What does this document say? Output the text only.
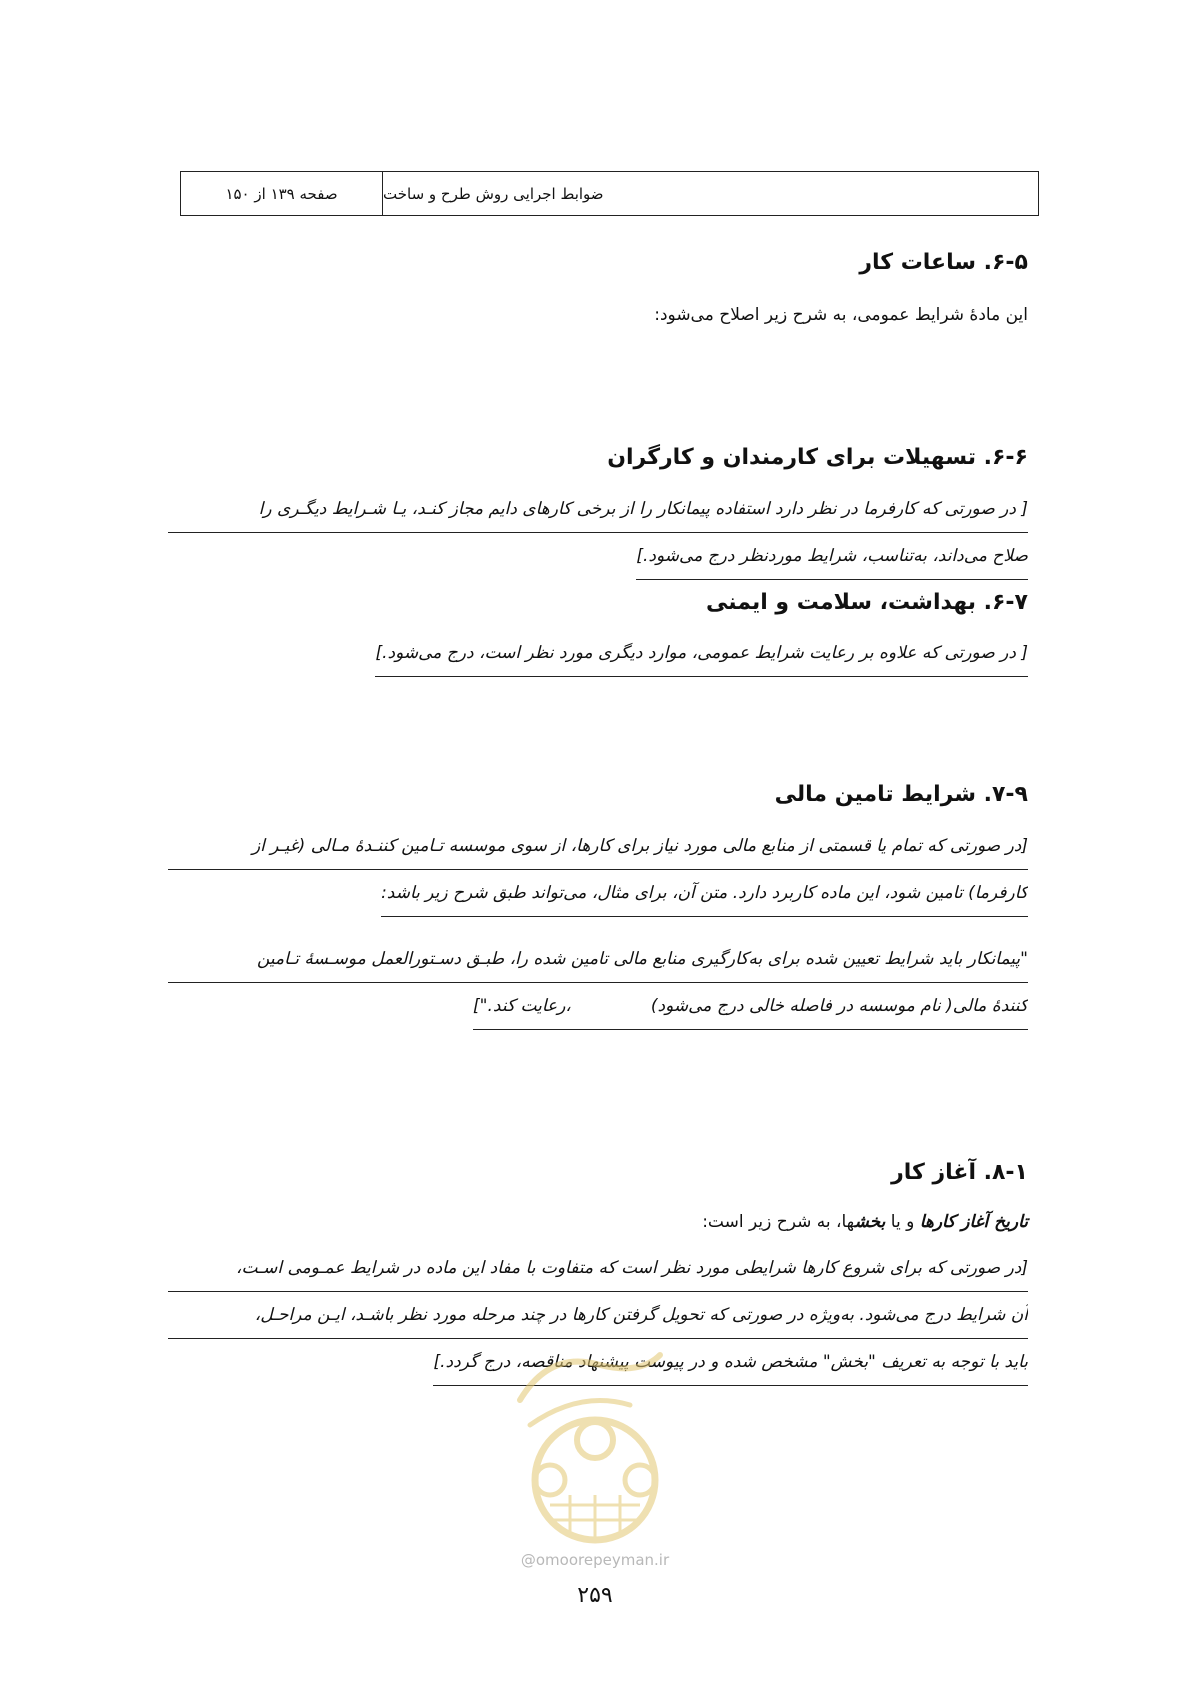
صفحه ۱۳۹ از ۱۵۰	ضوابط اجرایی روش طرح و ساخت
۶-۵. ساعات کار
این مادهٔ شرایط عمومی، به شرح زیر اصلاح می‌شود:
۶-۶. تسهیلات برای کارمندان و کارگران
[ در صورتی که کارفرما در نظر دارد استفاده پیمانکار را از برخی کارهای دایم مجاز کنـد، یـا شـرایط دیگـری را
صلاح می‌داند، به‌تناسب، شرایط موردنظر درج می‌شود.]
۶-۷. بهداشت، سلامت و ایمنی
[ در صورتی که علاوه بر رعایت شرایط عمومی، موارد دیگری مورد نظر است، درج می‌شود.]
۷-۹. شرایط تامین مالی
[در صورتی که تمام یا قسمتی از منابع مالی مورد نیاز برای کارها، از سوی موسسه تـامین کننـدهٔ مـالی (غیـر از
کارفرما) تامین شود، این ماده کاربرد دارد. متن آن، برای مثال، می‌تواند طبق شرح زیر باشد:
"پیمانکار باید شرایط تعیین شده برای به‌کارگیری منابع مالی تامین شده را، طبـق دسـتورالعمل موسـسهٔ تـامین
کنندهٔ مالی( نام موسسه در فاصله خالی درج می‌شود)،رعایت کند."]
۸-۱. آغاز کار
تاریخ آغاز کارها و یا بخشها، به شرح زیر است:
[در صورتی که برای شروع کارها شرایطی مورد نظر است که متفاوت با مفاد این ماده در شرایط عمـومی اسـت،
آن شرایط درج می‌شود. به‌ویژه در صورتی که تحویل گرفتن کارها در چند مرحله مورد نظر باشـد، ایـن مراحـل،
باید با توجه به تعریف "بخش" مشخص شده و در پیوست پیشنهاد مناقصه، درج گردد.]
@omoorepeyman.ir
۲۵۹
